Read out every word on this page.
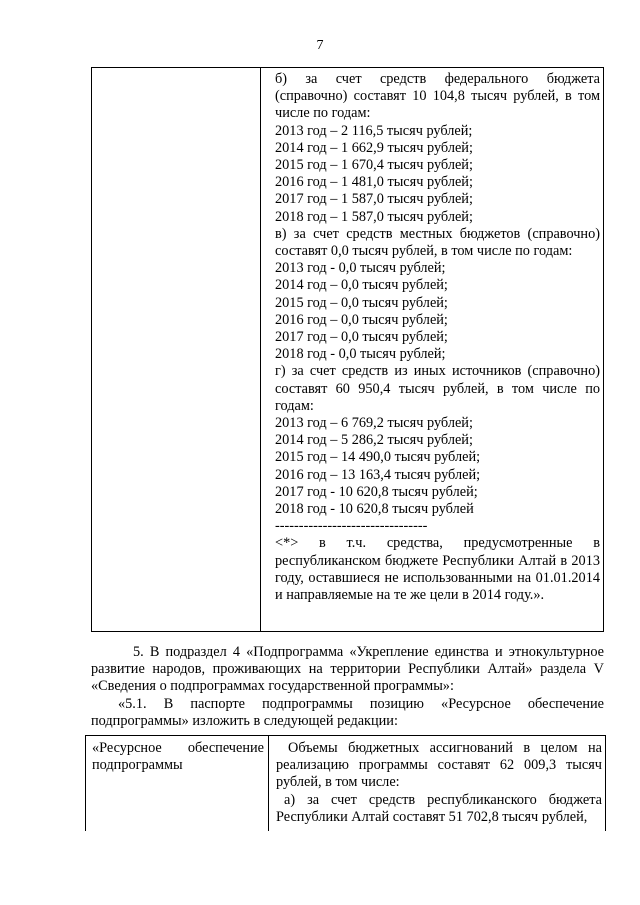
7
б) за счет средств федерального бюджета (справочно) составят 10 104,8 тысяч рублей, в том числе по годам:
2013 год – 2 116,5 тысяч рублей;
2014 год – 1 662,9 тысяч рублей;
2015 год – 1 670,4 тысяч рублей;
2016 год – 1 481,0 тысяч рублей;
2017 год – 1 587,0 тысяч рублей;
2018 год – 1 587,0 тысяч рублей;
в) за счет средств местных бюджетов (справочно) составят 0,0 тысяч рублей, в том числе по годам:
2013 год - 0,0 тысяч рублей;
2014 год – 0,0 тысяч рублей;
2015 год – 0,0 тысяч рублей;
2016 год – 0,0 тысяч рублей;
2017 год – 0,0 тысяч рублей;
2018 год - 0,0 тысяч рублей;
г) за счет средств из иных источников (справочно) составят 60 950,4 тысяч рублей, в том числе по годам:
2013 год – 6 769,2 тысяч рублей;
2014 год – 5 286,2 тысяч рублей;
2015 год – 14 490,0 тысяч рублей;
2016 год – 13 163,4 тысяч рублей;
2017 год - 10 620,8 тысяч рублей;
2018 год - 10 620,8 тысяч рублей
--------------------------------
<*> в т.ч. средства, предусмотренные в республиканском бюджете Республики Алтай в 2013 году, оставшиеся не использованными на 01.01.2014 и направляемые на те же цели в 2014 году.».
5. В подраздел 4 «Подпрограмма «Укрепление единства и этнокультурное развитие народов, проживающих на территории Республики Алтай» раздела V «Сведения о подпрограммах государственной программы»:
«5.1. В паспорте подпрограммы позицию «Ресурсное обеспечение подпрограммы» изложить в следующей редакции:
«Ресурсное обеспечение подпрограммы
Объемы бюджетных ассигнований в целом на реализацию программы составят 62 009,3 тысяч рублей, в том числе:
а) за счет средств республиканского бюджета Республики Алтай составят 51 702,8 тысяч рублей,
